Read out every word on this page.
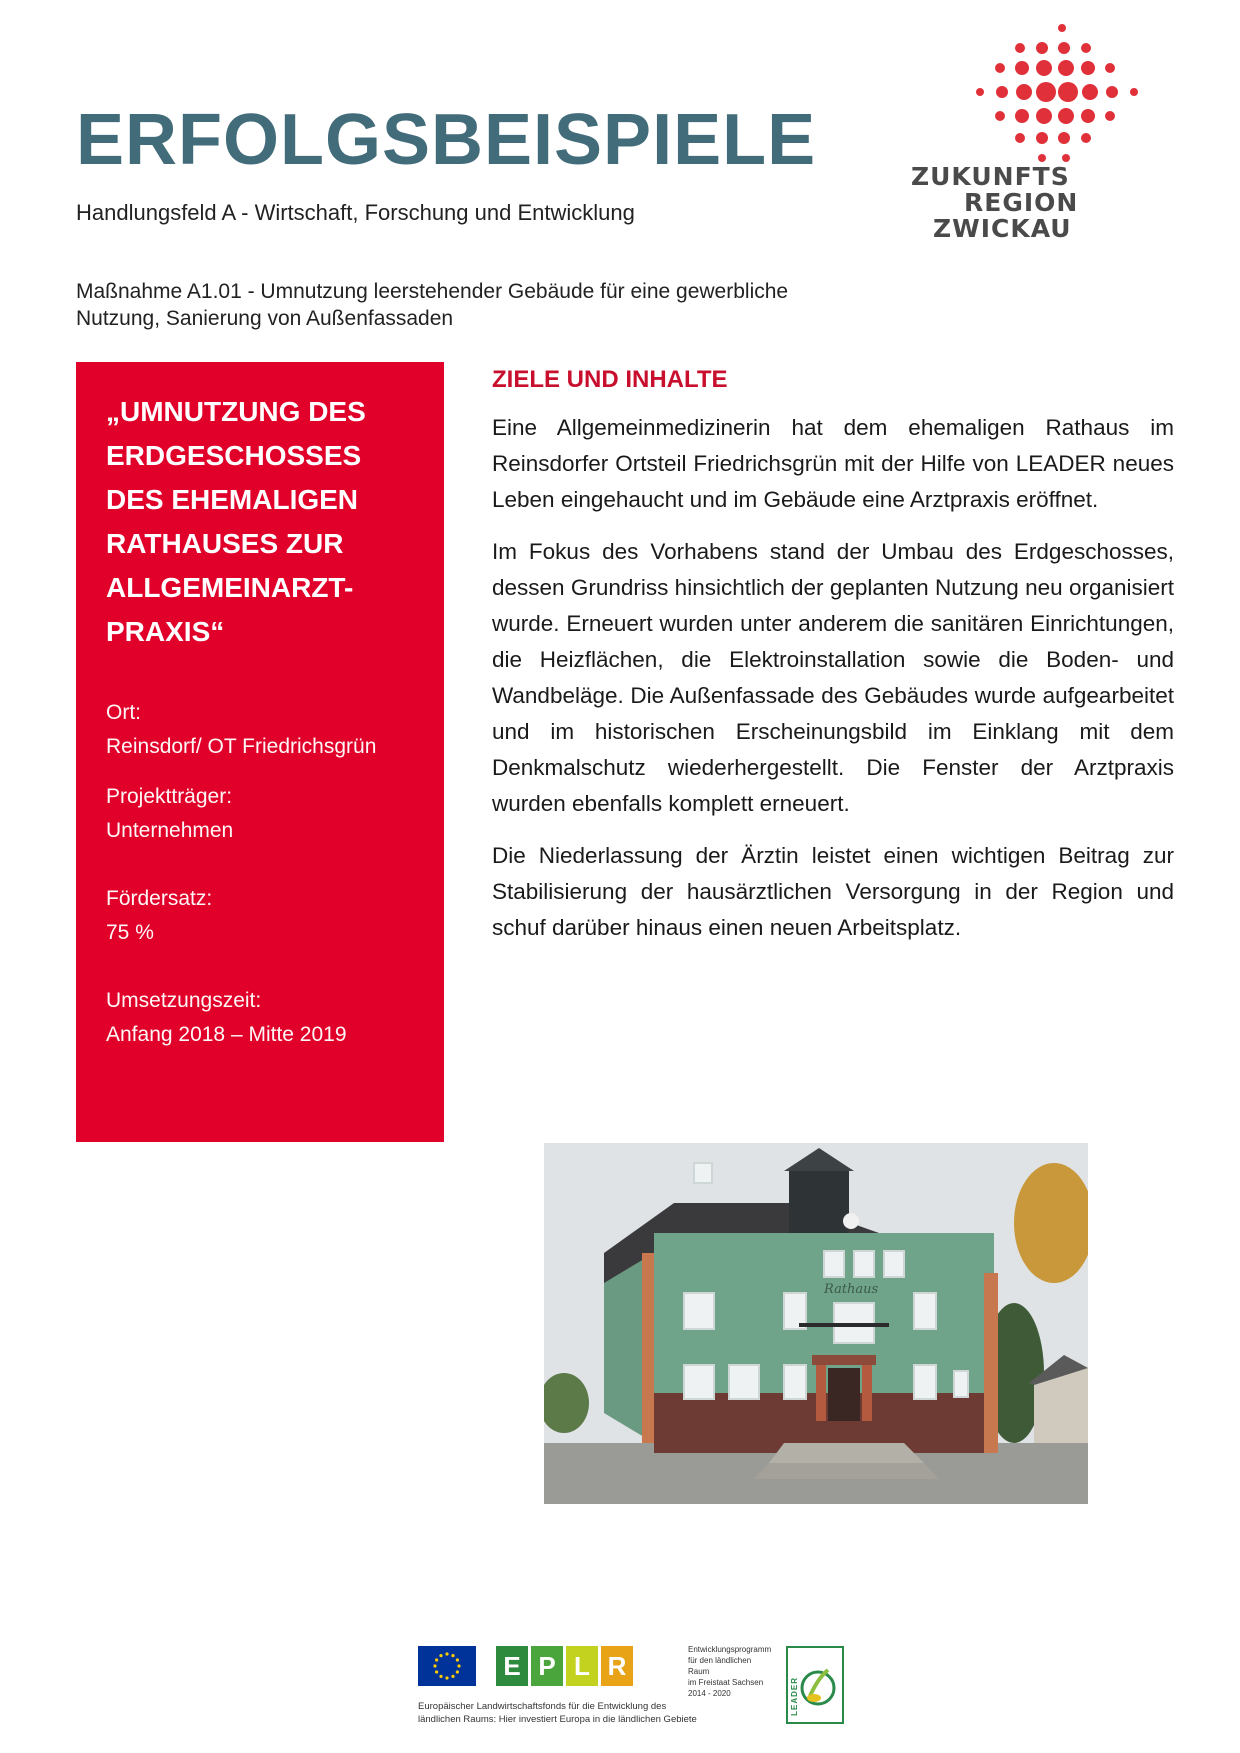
ERFOLGSBEISPIELE
Handlungsfeld A - Wirtschaft, Forschung und Entwicklung
Maßnahme A1.01 - Umnutzung leerstehender Gebäude für eine gewerbliche
Nutzung, Sanierung von Außenfassaden
ZUKUNFTS
REGION
ZWICKAU
„UMNUTZUNG DES
ERDGESCHOSSES
DES EHEMALIGEN
RATHAUSES ZUR
ALLGEMEINARZT-
PRAXIS“
Ort:
Reinsdorf/ OT Friedrichsgrün
Projektträger:
Unternehmen
Fördersatz:
75 %
Umsetzungszeit:
Anfang 2018 – Mitte 2019
ZIELE UND INHALTE

Eine Allgemeinmedizinerin hat dem ehemaligen Rathaus im Reinsdorfer Ortsteil Friedrichsgrün mit der Hilfe von LEADER neues Leben eingehaucht und im Gebäude eine Arztpraxis eröffnet.

Im Fokus des Vorhabens stand der Umbau des Erdgeschosses, dessen Grundriss hinsichtlich der geplanten Nutzung neu organisiert wurde. Erneuert wurden unter anderem die sanitären Einrichtungen, die Heizflächen, die Elektroinstallation sowie die Boden- und Wandbeläge. Die Außenfassade des Gebäudes wurde aufgearbeitet und im historischen Erscheinungsbild im Einklang mit dem Denkmalschutz wiederhergestellt. Die Fenster der Arztpraxis wurden ebenfalls komplett erneuert.

Die Niederlassung der Ärztin leistet einen wichtigen Beitrag zur Stabilisierung der hausärztlichen Versorgung in der Region und schuf darüber hinaus einen neuen Arbeitsplatz.

Rathaus
E P L R
Entwicklungsprogramm
für den ländlichen Raum
im Freistaat Sachsen
2014 - 2020
Europäischer Landwirtschaftsfonds für die Entwicklung des
ländlichen Raums: Hier investiert Europa in die ländlichen Gebiete
LEADER
